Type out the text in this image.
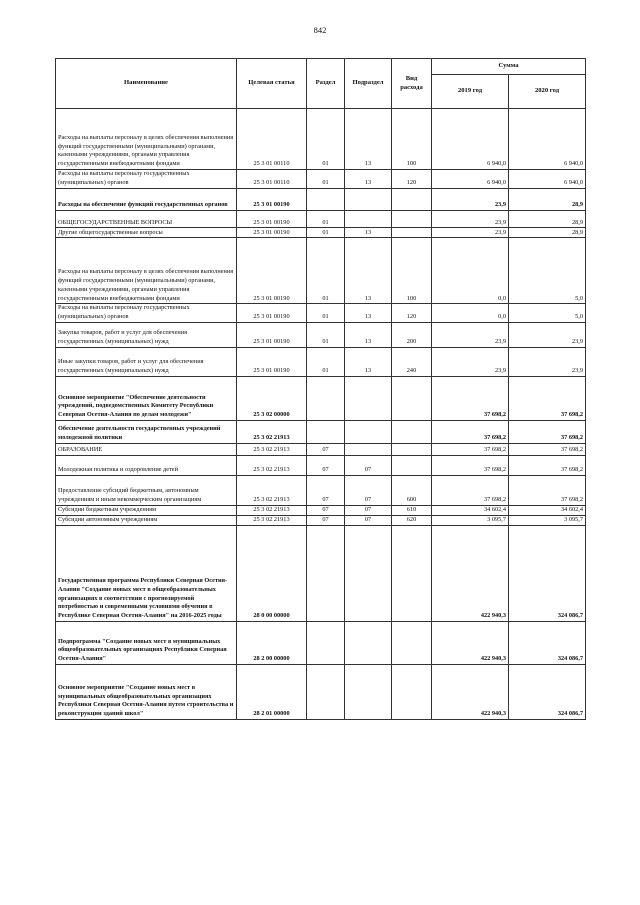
842
Наименование	Целевая статья	Раздел	Подраздел	Вид расхода	Сумма	
					2019 год	2020 год

Расходы на выплаты персоналу в целях обеспечения выполнения функций государственными (муниципальными) органами, казенными учреждениями, органами управления государственными внебюджетными фондами	25 3 01 00110	01	13	100	6 940,0	6 940,0

Расходы на выплаты персоналу государственных (муниципальных) органов	25 3 01 00110	01	13	120	6 940,0	6 940,0

Расходы на обеспечение функций государственных органов	25 3 01 00190				23,9	28,9

ОБЩЕГОСУДАРСТВЕННЫЕ ВОПРОСЫ	25 3 01 00190	01			23,9	28,9

Другие общегосударственные вопросы	25 3 01 00190	01	13		23,9	28,9

Расходы на выплаты персоналу в целях обеспечения выполнения функций государственными (муниципальными) органами, казенными учреждениями, органами управления государственными внебюджетными фондами	25 3 01 00190	01	13	100	0,0	5,0

Расходы на выплаты персоналу государственных (муниципальных) органов	25 3 01 00190	01	13	120	0,0	5,0

Закупка товаров, работ и услуг для обеспечения государственных (муниципальных) нужд	25 3 01 00190	01	13	200	23,9	23,9

Иные закупки товаров, работ и услуг для обеспечения государственных (муниципальных) нужд	25 3 01 00190	01	13	240	23,9	23,9

Основное мероприятие "Обеспечение деятельности учреждений, подведомственных Комитету Республики Северная Осетия-Алания по делам молодежи"	25 3 02 00000				37 698,2	37 698,2

Обеспечение деятельности государственных учреждений молодежной политики	25 3 02 21913				37 698,2	37 698,2

ОБРАЗОВАНИЕ	25 3 02 21913	07			37 698,2	37 698,2

Молодежная политика и оздоровление детей	25 3 02 21913	07	07		37 698,2	37 698,2

Предоставление субсидий бюджетным, автономным учреждениям и иным некоммерческим организациям	25 3 02 21913	07	07	600	37 698,2	37 698,2

Субсидии бюджетным учреждениям	25 3 02 21913	07	07	610	34 602,4	34 602,4

Субсидии автономным учреждениям	25 3 02 21913	07	07	620	3 095,7	3 095,7

Государственная программа Республики Северная Осетия-Алания "Создание новых мест в общеобразовательных организациях в соответствии с прогнозируемой потребностью и современными условиями обучения в Республике Северная Осетия-Алания" на 2016-2025 годы	28 0 00 00000				422 940,3	324 086,7

Подпрограмма "Создание новых мест в муниципальных общеобразовательных организациях Республики Северная Осетия-Алания"	28 2 00 00000				422 940,3	324 086,7

Основное мероприятие "Создание новых мест в муниципальных общеобразовательных организациях Республики Северная Осетия-Алания путем строительства и реконструкции зданий школ"	28 2 01 00000				422 940,3	324 086,7
